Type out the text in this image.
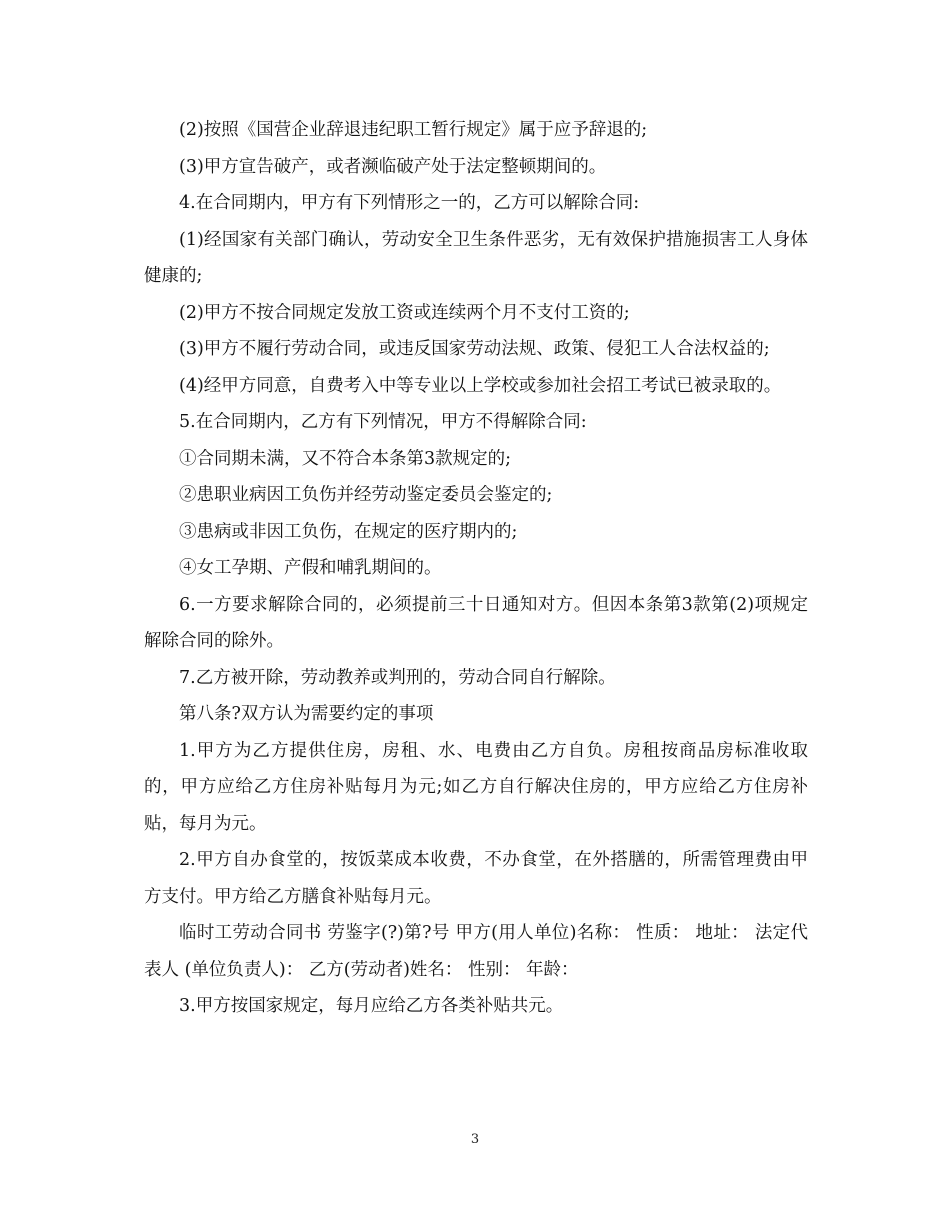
(2)按照《国营企业辞退违纪职工暂行规定》属于应予辞退的;

(3)甲方宣告破产，或者濒临破产处于法定整顿期间的。

4.在合同期内，甲方有下列情形之一的，乙方可以解除合同:

(1)经国家有关部门确认，劳动安全卫生条件恶劣，无有效保护措施损害工人身体健康的;

(2)甲方不按合同规定发放工资或连续两个月不支付工资的;

(3)甲方不履行劳动合同，或违反国家劳动法规、政策、侵犯工人合法权益的;

(4)经甲方同意，自费考入中等专业以上学校或参加社会招工考试已被录取的。

5.在合同期内，乙方有下列情况，甲方不得解除合同:

①合同期未满，又不符合本条第3款规定的;

②患职业病因工负伤并经劳动鉴定委员会鉴定的;

③患病或非因工负伤，在规定的医疗期内的;

④女工孕期、产假和哺乳期间的。

6.一方要求解除合同的，必须提前三十日通知对方。但因本条第3款第(2)项规定解除合同的除外。

7.乙方被开除，劳动教养或判刑的，劳动合同自行解除。

第八条?双方认为需要约定的事项

1.甲方为乙方提供住房，房租、水、电费由乙方自负。房租按商品房标准收取的，甲方应给乙方住房补贴每月为元;如乙方自行解决住房的，甲方应给乙方住房补贴，每月为元。

2.甲方自办食堂的，按饭菜成本收费，不办食堂，在外搭膳的，所需管理费由甲方支付。甲方给乙方膳食补贴每月元。

临时工劳动合同书 劳鉴字(?)第?号 甲方(用人单位)名称： 性质： 地址： 法定代表人 (单位负责人)： 乙方(劳动者)姓名： 性别： 年龄：

3.甲方按国家规定，每月应给乙方各类补贴共元。

3
